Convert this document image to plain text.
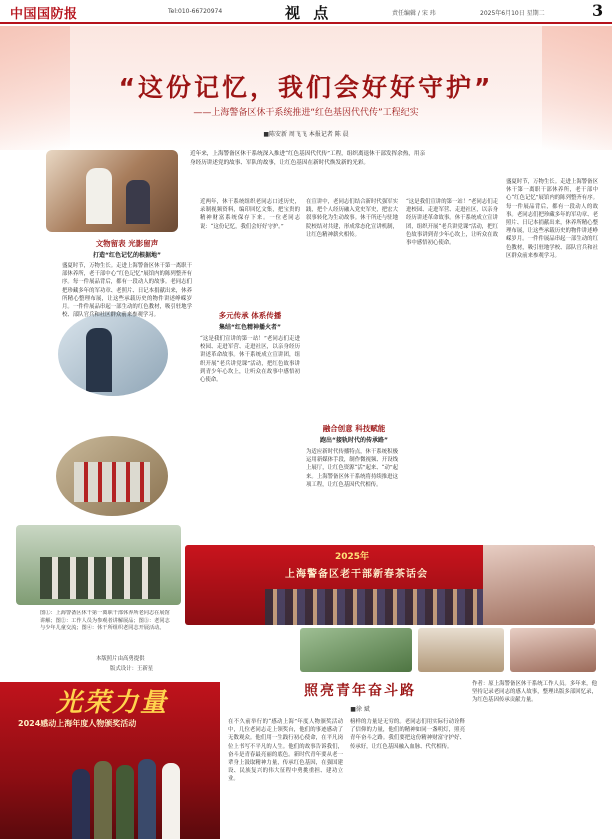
中国国防报	Tel:010-66720974	视 点	责任编辑 / 宋 玮	2025年6月10日 星期二	3
“这份记忆，我们会好好守护”
——上海警备区休干系统推进“红色基因代代传”工程纪实
■陈安新 周飞飞 本报记者 陈 晨
近年来，上海警备区休干系统深入推进“红色基因代代传”工程，组织离退休干部发挥余热，用亲身经历讲述党的故事、军队的故事，让红色基因在新时代焕发新的光彩。
文物留表 光影留声
打造“红色记忆的根据地”
盛夏时节，万物生长。走进上海警备区休干第一离职干部休养所，老干部中心“红色记忆”展馆内的陈列整齐有序。每一件展品背后，都有一段动人的故事。老同志们把珍藏多年的军功章、老照片、日记本捐献出来，休养所精心整理布展，让这些承载历史的物件讲述峥嵘岁月。一件件展品串起一部生动的红色教材，吸引驻地学校、部队官兵和社区群众前来参观学习。
近两年，休干系统组织老同志口述历史，录制视频资料，编印回忆文集，把宝贵的精神财富系统保存下来。一位老同志说：“这份记忆，我们会好好守护。”
多元传承 体系传播
集结“红色精神播火者”
“这是我们宣讲的第一站！”老同志们走进校园、走进军营、走进社区，以亲身经历讲述革命故事。休干系统成立宣讲团，组织开展“老兵讲党课”活动，把红色故事讲到青少年心坎上，让听众在故事中感悟初心使命。
在宣讲中，老同志们结合新时代强军实践，把个人经历融入党史军史，把宏大叙事转化为生动故事。休干所还与驻地院校结对共建，形成常态化宣讲机制，让红色精神薪火相传。
融合创意 科技赋能
跑出“接轨时代的传承路”
为适应新时代传播特点，休干系统积极运用新媒体手段，制作微视频、开设线上展厅，让红色资源“活”起来、“动”起来。上海警备区休干系统将持续推进这项工程，让红色基因代代相传。
“这是我们宣讲的第一站！”老同志们走进校园、走进军营、走进社区，以亲身经历讲述革命故事。休干系统成立宣讲团，组织开展“老兵讲党课”活动，把红色故事讲到青少年心坎上，让听众在故事中感悟初心使命。
盛夏时节，万物生长。走进上海警备区休干第一离职干部休养所，老干部中心“红色记忆”展馆内的陈列整齐有序。每一件展品背后，都有一段动人的故事。老同志们把珍藏多年的军功章、老照片、日记本捐献出来，休养所精心整理布展，让这些承载历史的物件讲述峥嵘岁月。一件件展品串起一部生动的红色教材，吸引驻地学校、部队官兵和社区群众前来参观学习。
图①：上海警备区休干第一离职干部休养所老同志在展馆讲解；图②：工作人员为参观者讲解展品；图③：老同志与少年儿童交流；图④：休干所组织老同志开展活动。
本版照片由高勇提供
版式设计：王新星
2025年
上海警备区老干部新春茶话会
光荣力量
2024感动上海年度人物颁奖活动
照亮青年奋斗路
■徐 斌
在不久前举行的“感动上海”年度人物颁奖活动中，几位老同志走上领奖台，他们的事迹感动了无数观众。他们用一生践行初心使命，在平凡岗位上书写不平凡的人生。他们的故事告诉我们，奋斗是青春最亮丽的底色。新时代青年要从老一辈身上汲取精神力量，传承红色基因，在强国建设、民族复兴的伟大征程中勇挑重担、建功立业。
榜样的力量是无穷的。老同志们用实际行动诠释了信仰的力量，他们的精神如同一盏明灯，照亮青年奋斗之路。我们要把这份精神财富守护好、传承好，让红色基因融入血脉、代代相传。
作者：原上海警备区休干系统工作人员。多年来，他坚持记录老同志的感人故事，整理出版多部回忆录，为红色基因传承贡献力量。
